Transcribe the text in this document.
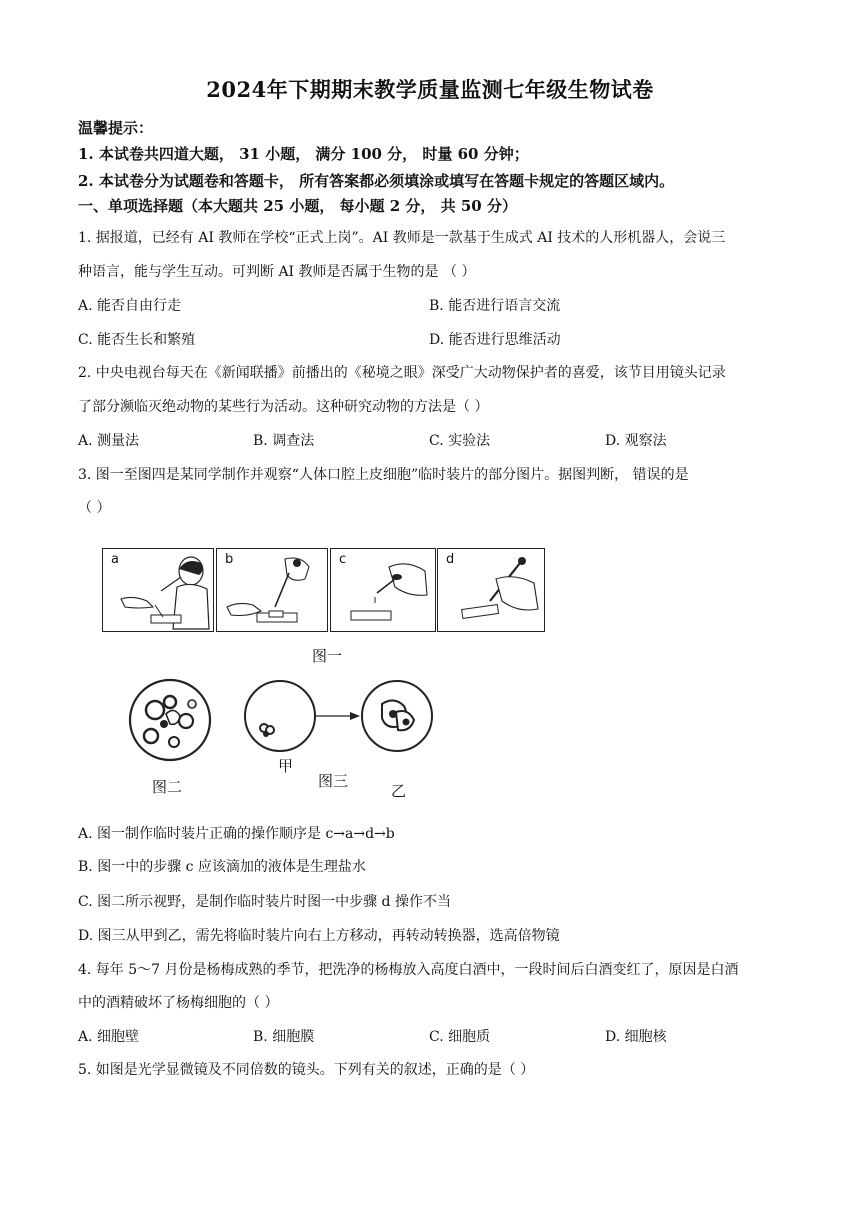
2024年下期期末教学质量监测七年级生物试卷
温馨提示：
1. 本试卷共四道大题， 31 小题， 满分 100 分， 时量 60 分钟；
2. 本试卷分为试题卷和答题卡， 所有答案都必须填涂或填写在答题卡规定的答题区域内。
一、单项选择题（本大题共 25 小题， 每小题 2 分， 共 50 分）
1. 据报道，已经有 AI 教师在学校“正式上岗”。AI 教师是一款基于生成式 AI 技术的人形机器人，会说三
种语言，能与学生互动。可判断 AI 教师是否属于生物的是 （ ）
A. 能否自由行走	B. 能否进行语言交流
C. 能否生长和繁殖	D. 能否进行思维活动
2. 中央电视台每天在《新闻联播》前播出的《秘境之眼》深受广大动物保护者的喜爱，该节目用镜头记录
了部分濒临灭绝动物的某些行为活动。这种研究动物的方法是（ ）
A. 测量法	B. 调查法	C. 实验法	D. 观察法
3. 图一至图四是某同学制作并观察“人体口腔上皮细胞”临时装片的部分图片。据图判断， 错误的是
（ ）
a	b	c	d
图一
图二
甲
图三
乙
A. 图一制作临时装片正确的操作顺序是 c→a→d→b
B. 图一中的步骤 c 应该滴加的液体是生理盐水
C. 图二所示视野，是制作临时装片时图一中步骤 d 操作不当
D. 图三从甲到乙，需先将临时装片向右上方移动，再转动转换器，选高倍物镜
4. 每年 5～7 月份是杨梅成熟的季节，把洗净的杨梅放入高度白酒中，一段时间后白酒变红了，原因是白酒
中的酒精破坏了杨梅细胞的（ ）
A. 细胞壁	B. 细胞膜	C. 细胞质	D. 细胞核
5. 如图是光学显微镜及不同倍数的镜头。下列有关的叙述，正确的是（ ）
